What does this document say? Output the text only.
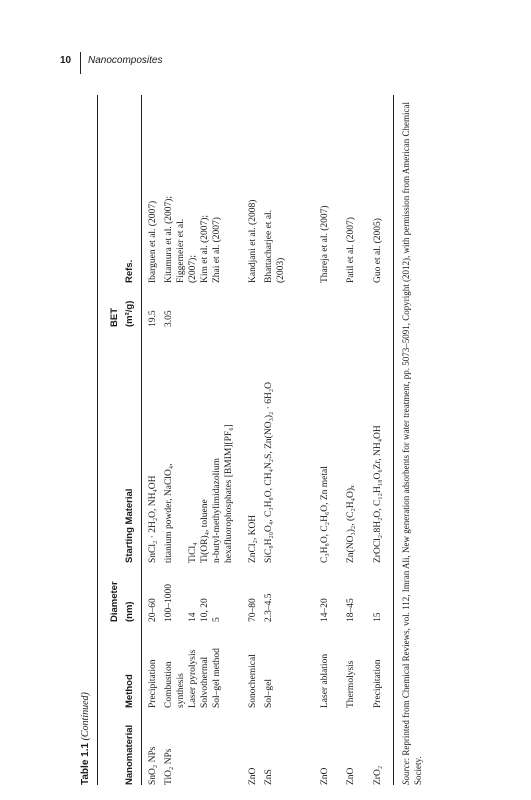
10 Nanocomposites
Table 1.1 (Continued)
Nanomaterial
Method
Diameter (nm)
Starting Material
BET (m²/g)
Refs.
SnO₂ NPs
Precipitation
20–60
SnCl₂ · 2H₂O, NH₄OH
19.5
Ibarguen et al. (2007)
TiO₂ NPs
Combustion synthesis Laser pyrolysis Solvothermal Sol–gel method
100–1000 14 10, 20 5
titanium powder, NaClO₄, TiCl₄ Ti(OR)₄, toluene n-butyl-methylimidazolium hexafluorophosphates [BMIM][PF₆]
3.05
Kitamura et al. (2007); Figgemeier et al. (2007); Kim et al. (2007); Zhai et al. (2007)
ZnO
Sonochemical
70–80
ZnCl₂, KOH
Kandjani et al. (2008)
ZnS
Sol–gel
2.3–4.5
SiC₈H₂₀O₄, C₃H₈O, CH₄N₂S, Zn(NO₃)₂ · 6H₂O
Bhattacharjee et al. (2003)
ZnO
Laser ablation
14–20
C₃H₈O, C₂H₆O, Zn metal
Thareja et al. (2007)
ZnO
Thermolysis
18–45
Zn(NO₃)₂, (C₂H₄O)ₓ
Patil et al. (2007)
ZrO₂
Precipitation
15
ZrOCl₂.8H₂O, C₁₂H₁₈O₆Zr, NH₄OH
Guo et al. (2005)
Source: Reprinted from Chemical Reviews, vol. 112, Imran Ali, New generation adsorbents for water treatment, pp. 5073–5091, Copyright (2012), with permission from American Chemical Society.
